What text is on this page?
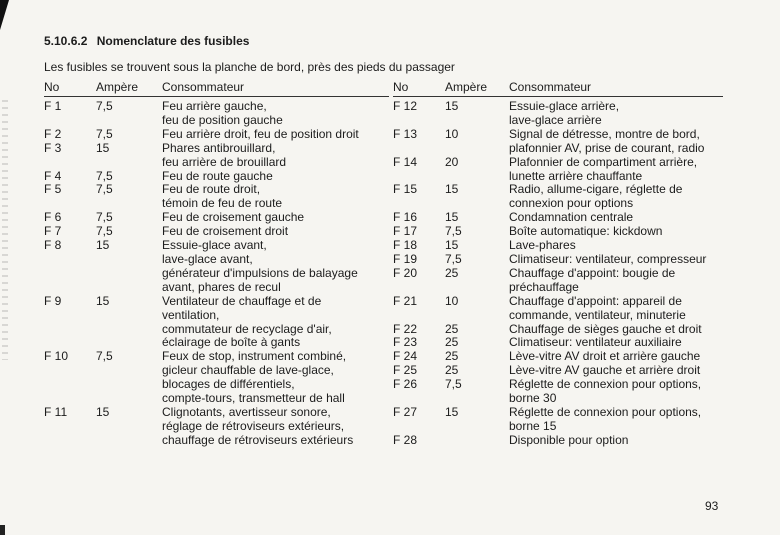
5.10.6.2 Nomenclature des fusibles
Les fusibles se trouvent sous la planche de bord, près des pieds du passager
No	Ampère	Consommateur
F 1	7,5	Feu arrière gauche,
feu de position gauche

F 2	7,5	Feu arrière droit, feu de position droit

F 3	15	Phares antibrouillard,
feu arrière de brouillard

F 4	7,5	Feu de route gauche

F 5	7,5	Feu de route droit,
témoin de feu de route

F 6	7,5	Feu de croisement gauche

F 7	7,5	Feu de croisement droit

F 8	15	Essuie-glace avant,
lave-glace avant,
générateur d'impulsions de balayage
avant, phares de recul

F 9	15	Ventilateur de chauffage et de
ventilation,
commutateur de recyclage d'air,
éclairage de boîte à gants

F 10	7,5	Feux de stop, instrument combiné,
gicleur chauffable de lave-glace,
blocages de différentiels,
compte-tours, transmetteur de hall

F 11	15	Clignotants, avertisseur sonore,
réglage de rétroviseurs extérieurs,
chauffage de rétroviseurs extérieurs
No	Ampère	Consommateur
F 12	15	Essuie-glace arrière,
lave-glace arrière

F 13	10	Signal de détresse, montre de bord,
plafonnier AV, prise de courant, radio

F 14	20	Plafonnier de compartiment arrière,
lunette arrière chauffante

F 15	15	Radio, allume-cigare, réglette de
connexion pour options

F 16	15	Condamnation centrale

F 17	7,5	Boîte automatique: kickdown

F 18	15	Lave-phares

F 19	7,5	Climatiseur: ventilateur, compresseur

F 20	25	Chauffage d'appoint: bougie de
préchauffage

F 21	10	Chauffage d'appoint: appareil de
commande, ventilateur, minuterie

F 22	25	Chauffage de sièges gauche et droit

F 23	25	Climatiseur: ventilateur auxiliaire

F 24	25	Lève-vitre AV droit et arrière gauche

F 25	25	Lève-vitre AV gauche et arrière droit

F 26	7,5	Réglette de connexion pour options,
borne 30

F 27	15	Réglette de connexion pour options,
borne 15

F 28		Disponible pour option
93
